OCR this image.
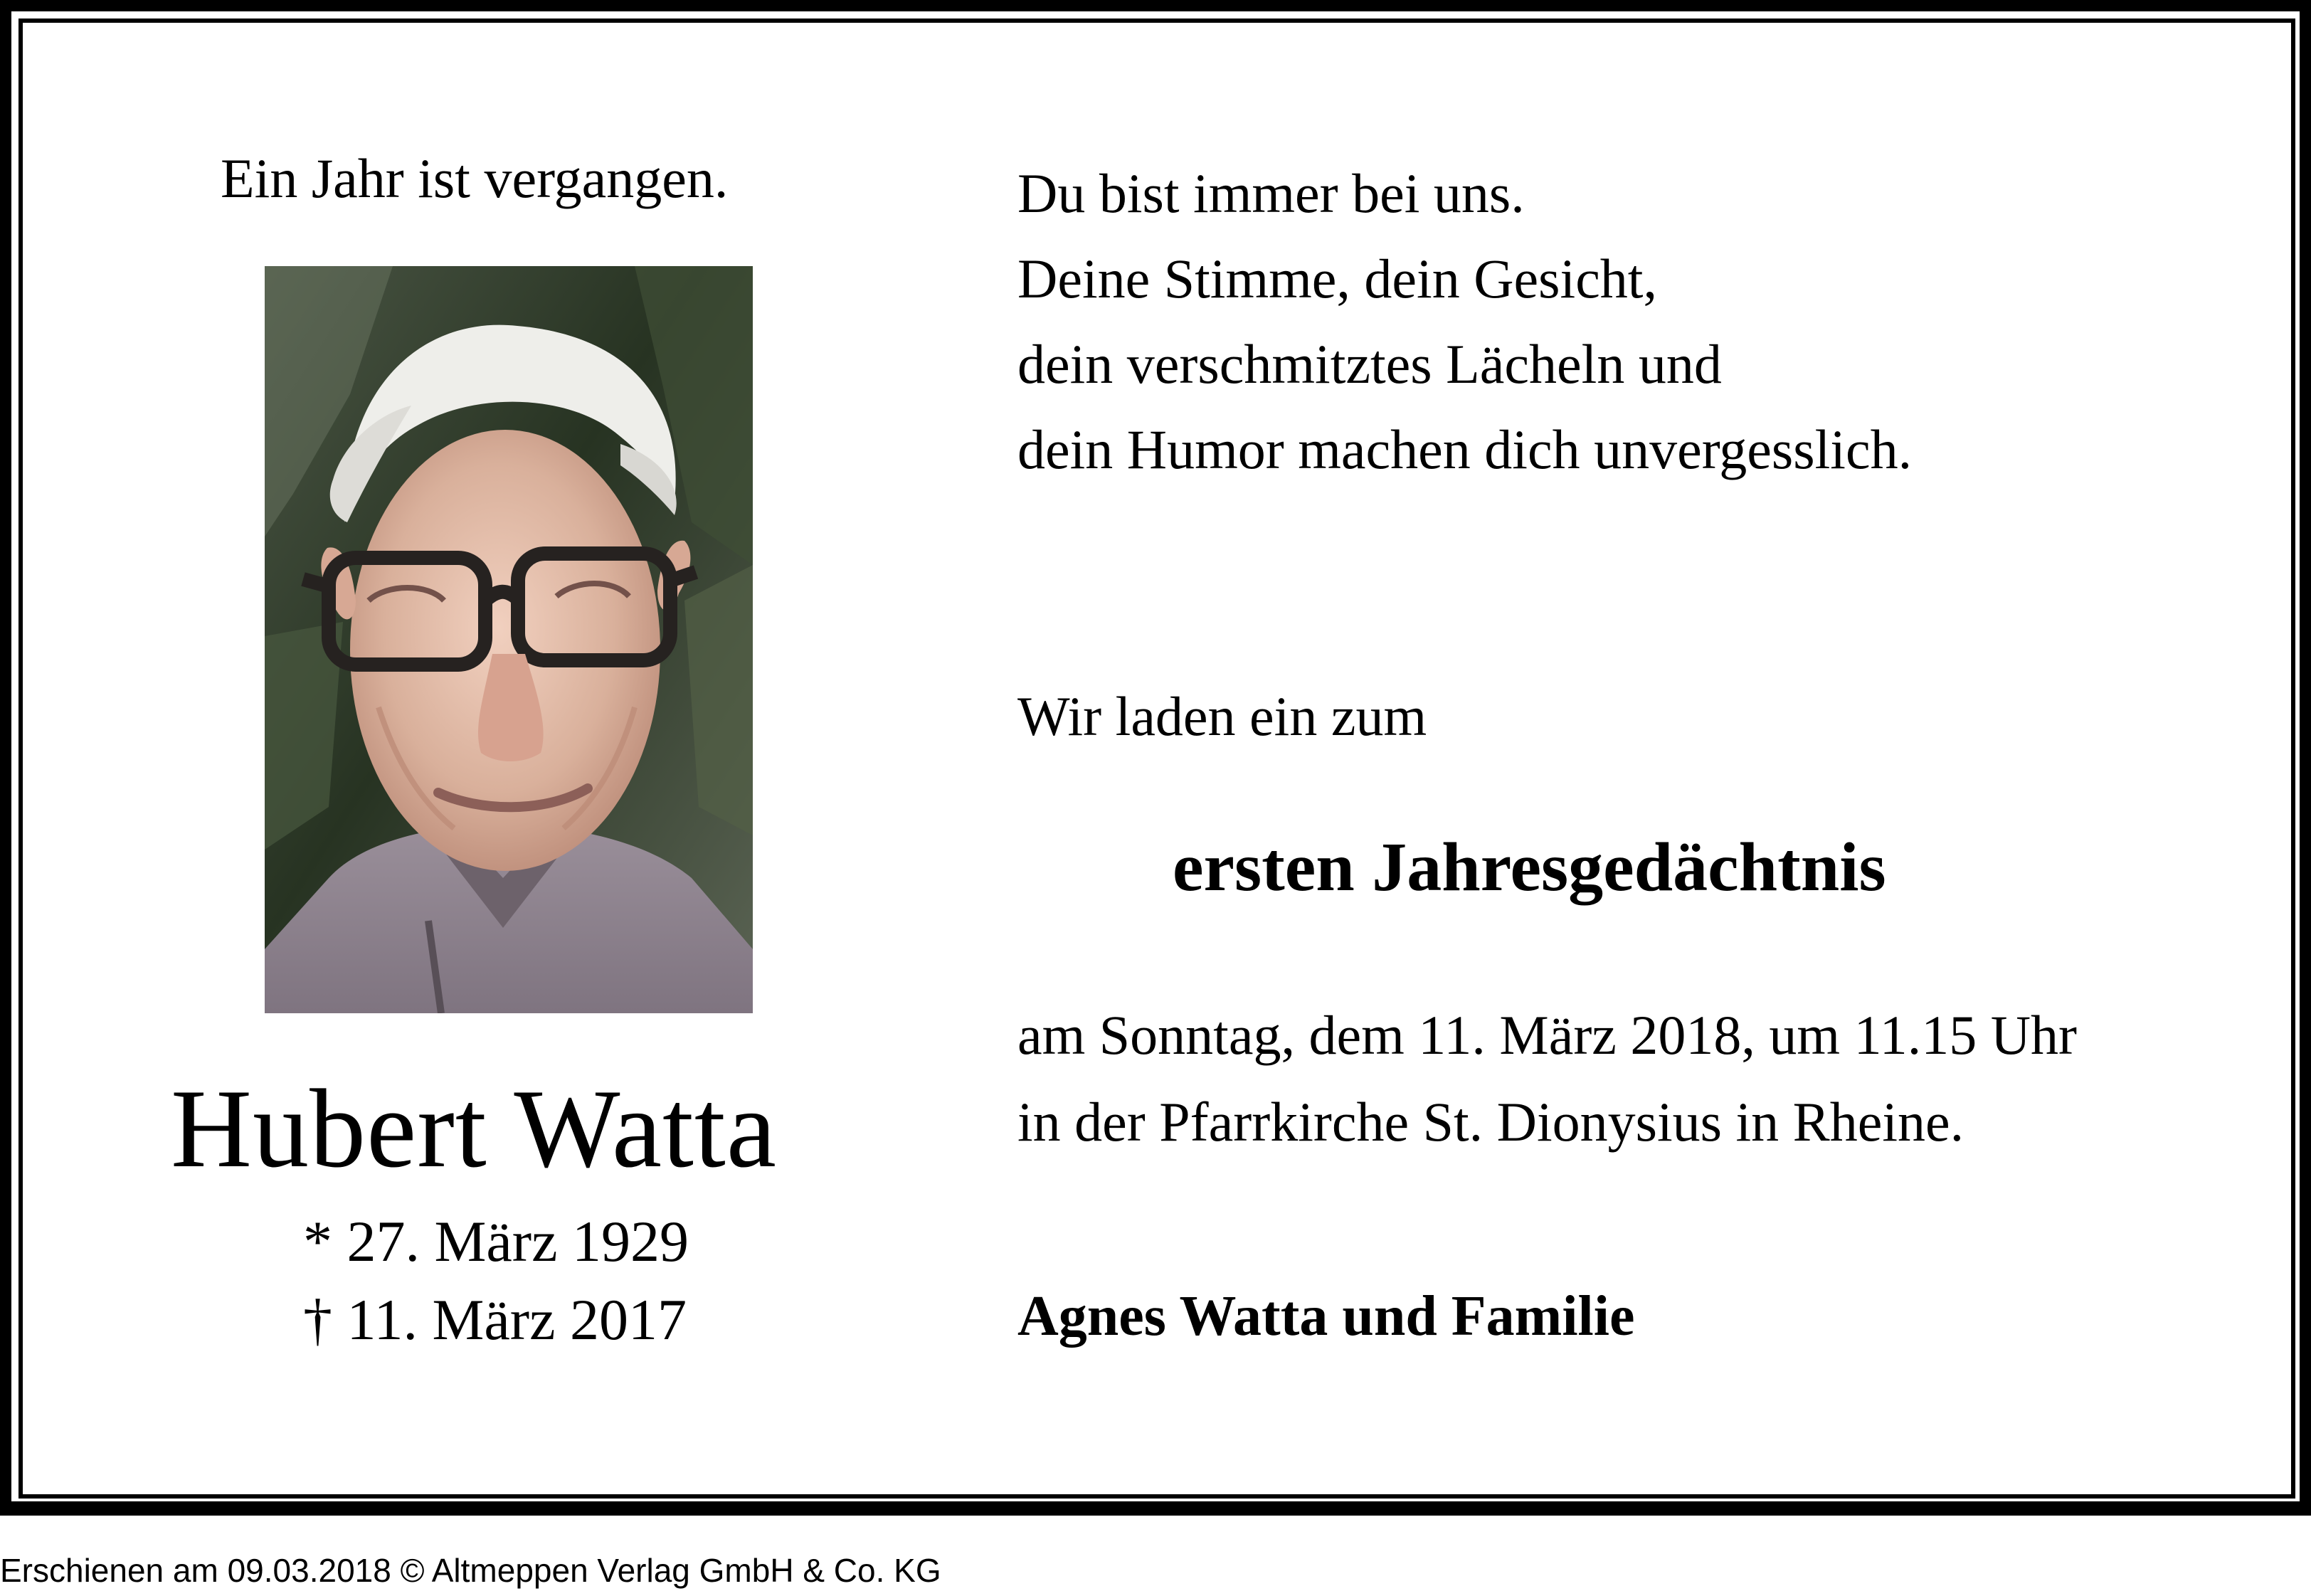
Ein Jahr ist vergangen.
Hubert Watta
* 27. März 1929
† 11. März 2017
Du bist immer bei uns.
Deine Stimme, dein Gesicht,
dein verschmitztes Lächeln und
dein Humor machen dich unvergesslich.
Wir laden ein zum
ersten Jahresgedächtnis
am Sonntag, dem 11. März 2018, um 11.15 Uhr
in der Pfarrkirche St. Dionysius in Rheine.
Agnes Watta und Familie
Erschienen am 09.03.2018 © Altmeppen Verlag GmbH & Co. KG
